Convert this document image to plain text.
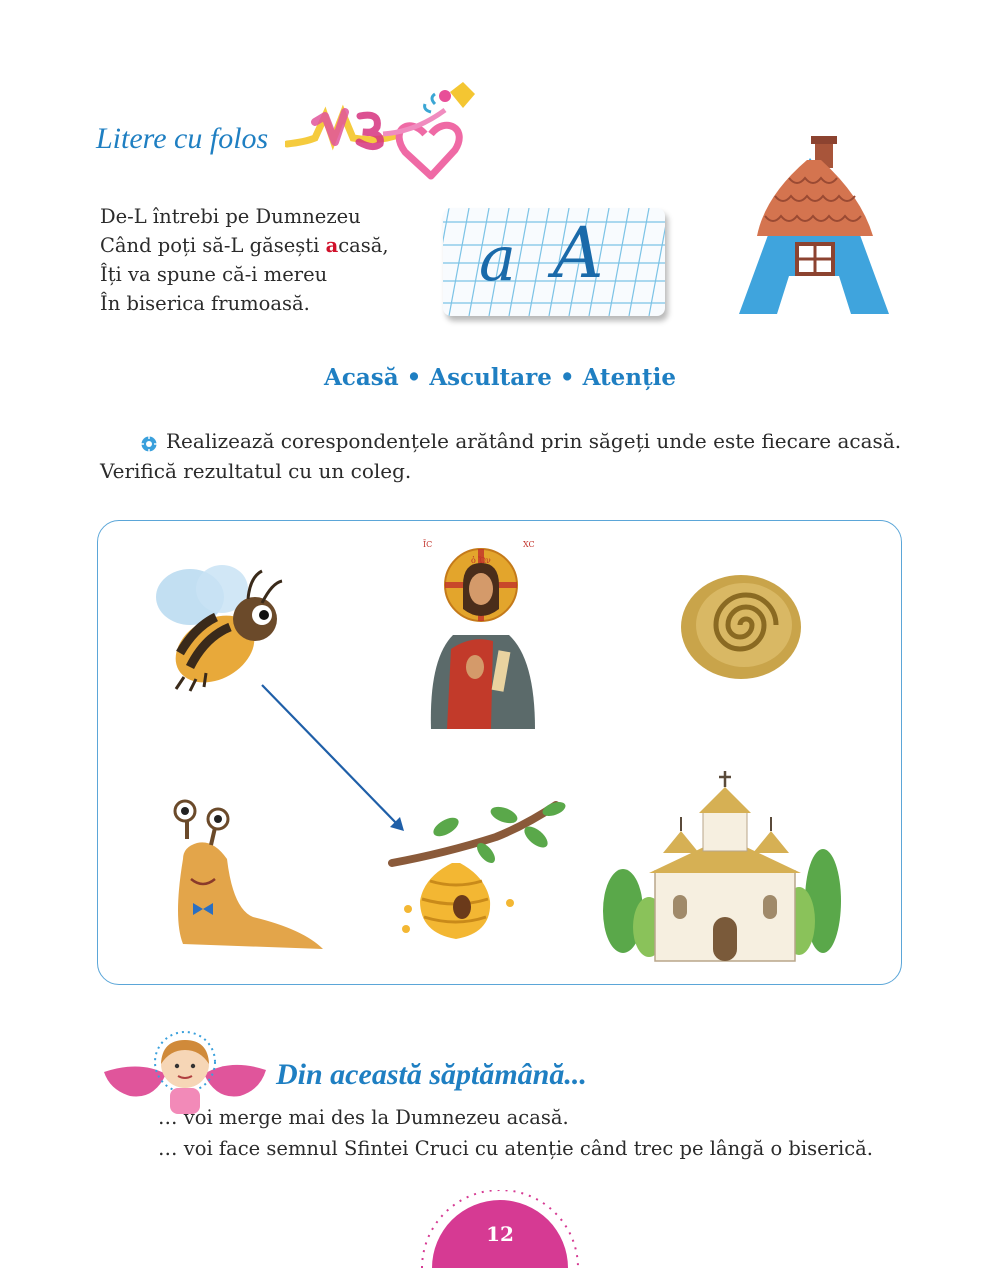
Litere cu folos
De-L întrebi pe Dumnezeu
Când poți să-L găsești acasă,
Îți va spune că-i mereu
În biserica frumoasă.
a A
Acasă • Ascultare • Atenție
Realizează corespondențele arătând prin săgeți unde este fiecare acasă.
Verifică rezultatul cu un coleg.
ĪC
ὁ Ὤν
XC
Din această săptămână...
… voi merge mai des la Dumnezeu acasă.
… voi face semnul Sfintei Cruci cu atenție când trec pe lângă o biserică.
12
